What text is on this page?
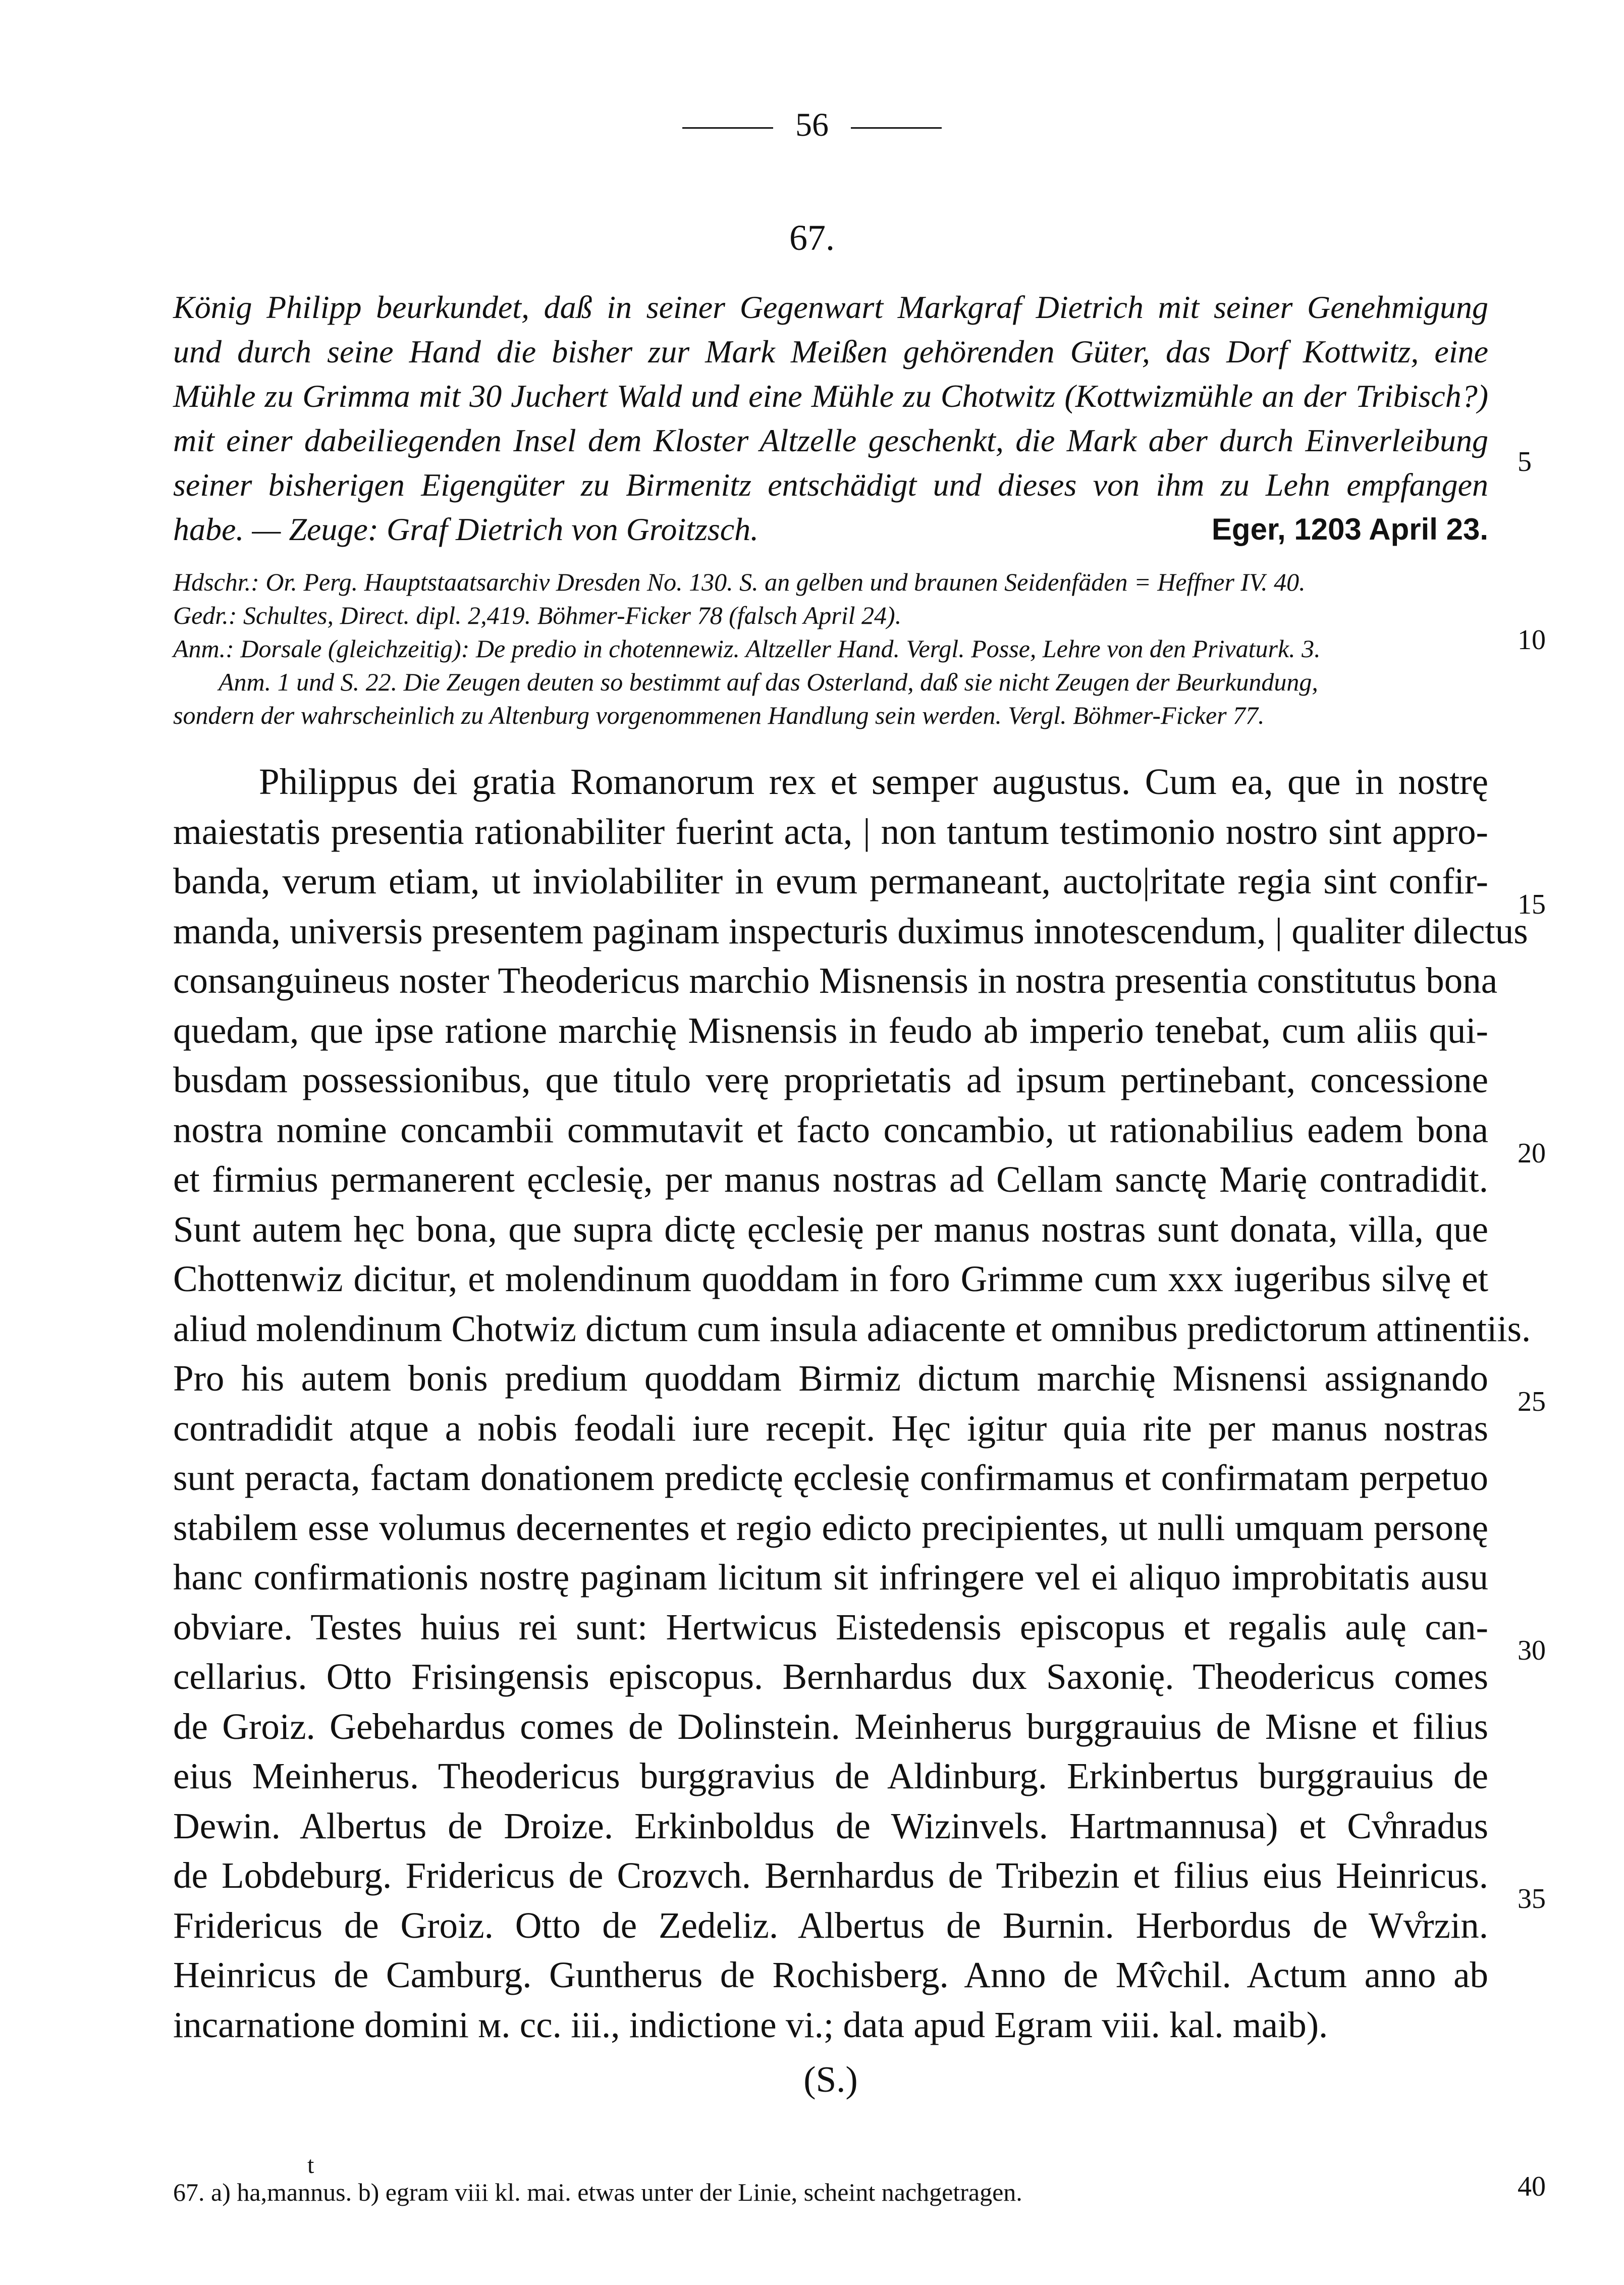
56
67.
König Philipp beurkundet, daß in seiner Gegenwart Markgraf Dietrich mit seiner Genehmigung
und durch seine Hand die bisher zur Mark Meißen gehörenden Güter, das Dorf Kottwitz, eine
Mühle zu Grimma mit 30 Juchert Wald und eine Mühle zu Chotwitz (Kottwizmühle an der Tribisch?)
mit einer dabeiliegenden Insel dem Kloster Altzelle geschenkt, die Mark aber durch Einverleibung
seiner bisherigen Eigengüter zu Birmenitz entschädigt und dieses von ihm zu Lehn empfangen
habe. — Zeuge: Graf Dietrich von Groitzsch.	Eger, 1203 April 23.
Hdschr.: Or. Perg. Hauptstaatsarchiv Dresden No. 130. S. an gelben und braunen Seidenfäden = Heffner IV. 40.
Gedr.: Schultes, Direct. dipl. 2,419. Böhmer-Ficker 78 (falsch April 24).
Anm.: Dorsale (gleichzeitig): De predio in chotennewiz. Altzeller Hand. Vergl. Posse, Lehre von den Privaturk. 3.
Anm. 1 und S. 22. Die Zeugen deuten so bestimmt auf das Osterland, daß sie nicht Zeugen der Beurkundung,
sondern der wahrscheinlich zu Altenburg vorgenommenen Handlung sein werden. Vergl. Böhmer-Ficker 77.
Philippus dei gratia Romanorum rex et semper augustus. Cum ea, que in nostrę
maiestatis presentia rationabiliter fuerint acta, | non tantum testimonio nostro sint appro-
banda, verum etiam, ut inviolabiliter in evum permaneant, aucto|ritate regia sint confir-
manda, universis presentem paginam inspecturis duximus innotescendum, | qualiter dilectus
consanguineus noster Theodericus marchio Misnensis in nostra presentia constitutus bona
quedam, que ipse ratione marchię Misnensis in feudo ab imperio tenebat, cum aliis qui-
busdam possessionibus, que titulo verę proprietatis ad ipsum pertinebant, concessione
nostra nomine concambii commutavit et facto concambio, ut rationabilius eadem bona
et firmius permanerent ęcclesię, per manus nostras ad Cellam sanctę Marię contradidit.
Sunt autem hęc bona, que supra dictę ęcclesię per manus nostras sunt donata, villa, que
Chottenwiz dicitur, et molendinum quoddam in foro Grimme cum xxx iugeribus silvę et
aliud molendinum Chotwiz dictum cum insula adiacente et omnibus predictorum attinentiis.
Pro his autem bonis predium quoddam Birmiz dictum marchię Misnensi assignando
contradidit atque a nobis feodali iure recepit. Hęc igitur quia rite per manus nostras
sunt peracta, factam donationem predictę ęcclesię confirmamus et confirmatam perpetuo
stabilem esse volumus decernentes et regio edicto precipientes, ut nulli umquam personę
hanc confirmationis nostrę paginam licitum sit infringere vel ei aliquo improbitatis ausu
obviare. Testes huius rei sunt: Hertwicus Eistedensis episcopus et regalis aulę can-
cellarius. Otto Frisingensis episcopus. Bernhardus dux Saxonię. Theodericus comes
de Groiz. Gebehardus comes de Dolinstein. Meinherus burggrauius de Misne et filius
eius Meinherus. Theodericus burggravius de Aldinburg. Erkinbertus burggrauius de
Dewin. Albertus de Droize. Erkinboldus de Wizinvels. Hartmannusa) et Cv̊nradus
de Lobdeburg. Fridericus de Crozvch. Bernhardus de Tribezin et filius eius Heinricus.
Fridericus de Groiz. Otto de Zedeliz. Albertus de Burnin. Herbordus de Wv̊rzin.
Heinricus de Camburg. Guntherus de Rochisberg. Anno de Mv̂chil. Actum anno ab
incarnatione domini ᴍ. cc. iii., indictione vi.; data apud Egram viii. kal. maib).
(S.)
t
67. a) ha,mannus. b) egram viii kl. mai. etwas unter der Linie, scheint nachgetragen.
5
10
15
20
25
30
35
40
